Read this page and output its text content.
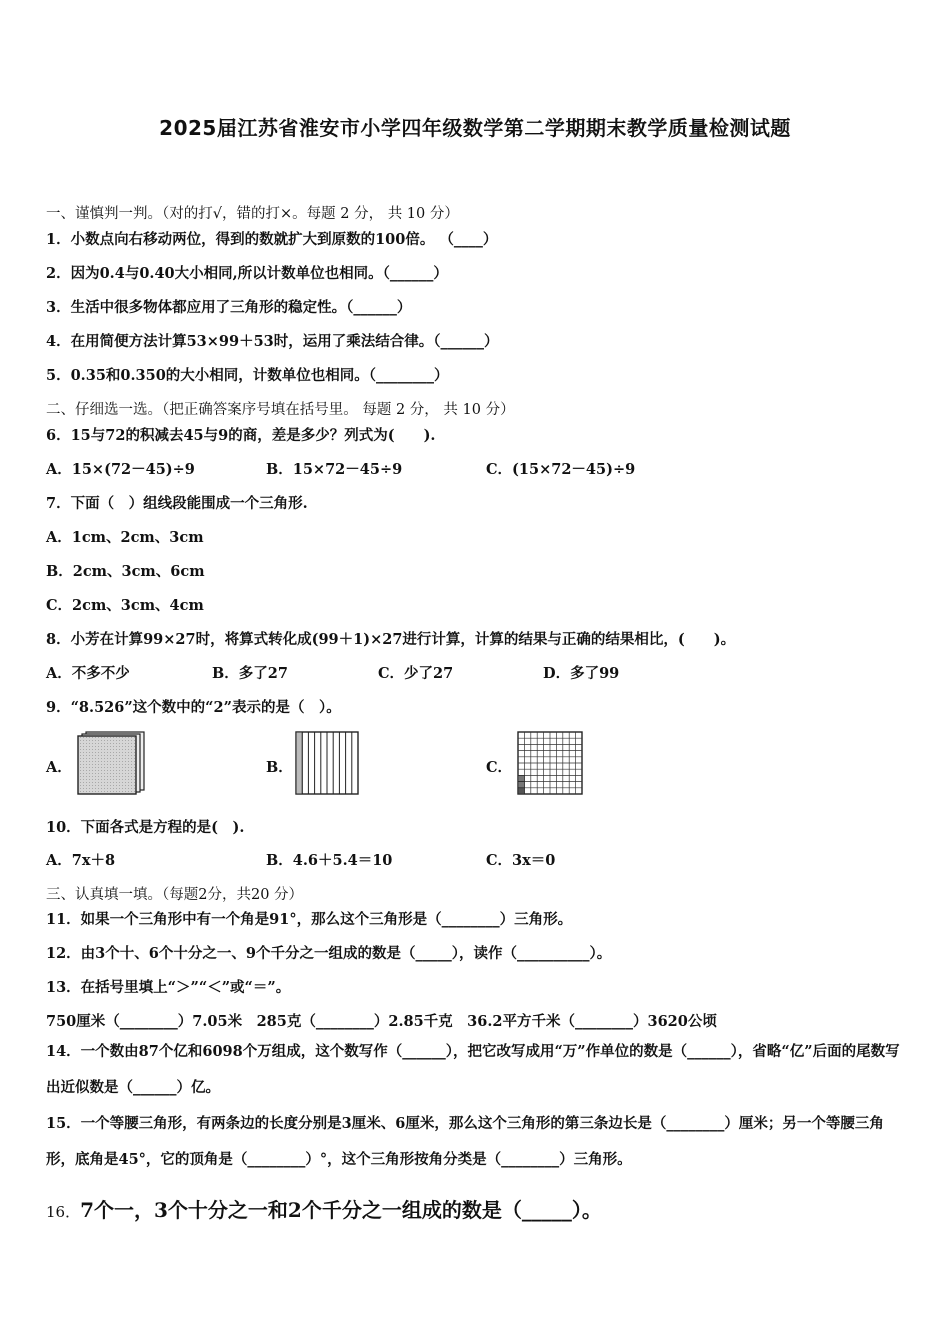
2025届江苏省淮安市小学四年级数学第二学期期末教学质量检测试题
一、谨慎判一判。（对的打√，错的打×。每题 2 分， 共 10 分）
1．小数点向右移动两位，得到的数就扩大到原数的100倍。 （____）
2．因为0.4与0.40大小相同,所以计数单位也相同。（______）
3．生活中很多物体都应用了三角形的稳定性。（______）
4．在用简便方法计算53×99＋53时，运用了乘法结合律。（______）
5．0.35和0.350的大小相同，计数单位也相同。（________）
二、仔细选一选。（把正确答案序号填在括号里。 每题 2 分， 共 10 分）
6．15与72的积减去45与9的商，差是多少？列式为(　　).
A．15×(72－45)÷9	B．15×72－45÷9	C．(15×72－45)÷9
7．下面（　）组线段能围成一个三角形.
A．1cm、2cm、3cm
B．2cm、3cm、6cm
C．2cm、3cm、4cm
8．小芳在计算99×27时，将算式转化成(99＋1)×27进行计算，计算的结果与正确的结果相比，(　　)。
A．不多不少	B．多了27	C．少了27	D．多了99
9．“8.526”这个数中的“2”表示的是（　）。
A．	B．	C．
10．下面各式是方程的是(　).
A．7x＋8	B．4.6＋5.4＝10	C．3x＝0
三、认真填一填。（每题2分，共20 分）
11．如果一个三角形中有一个角是91°，那么这个三角形是（________）三角形。
12．由3个十、6个十分之一、9个千分之一组成的数是（_____），读作（__________）。
13．在括号里填上“＞”“＜”或“＝”。
750厘米（________）7.05米　285克（________）2.85千克　36.2平方千米（________）3620公顷
14．一个数由87个亿和6098个万组成，这个数写作（______），把它改写成用“万”作单位的数是（______），省略“亿”后面的尾数写出近似数是（______）亿。
15．一个等腰三角形，有两条边的长度分别是3厘米、6厘米，那么这个三角形的第三条边长是（________）厘米；另一个等腰三角形，底角是45°，它的顶角是（________）°，这个三角形按角分类是（________）三角形。
16．7个一，3个十分之一和2个千分之一组成的数是（_____）。
